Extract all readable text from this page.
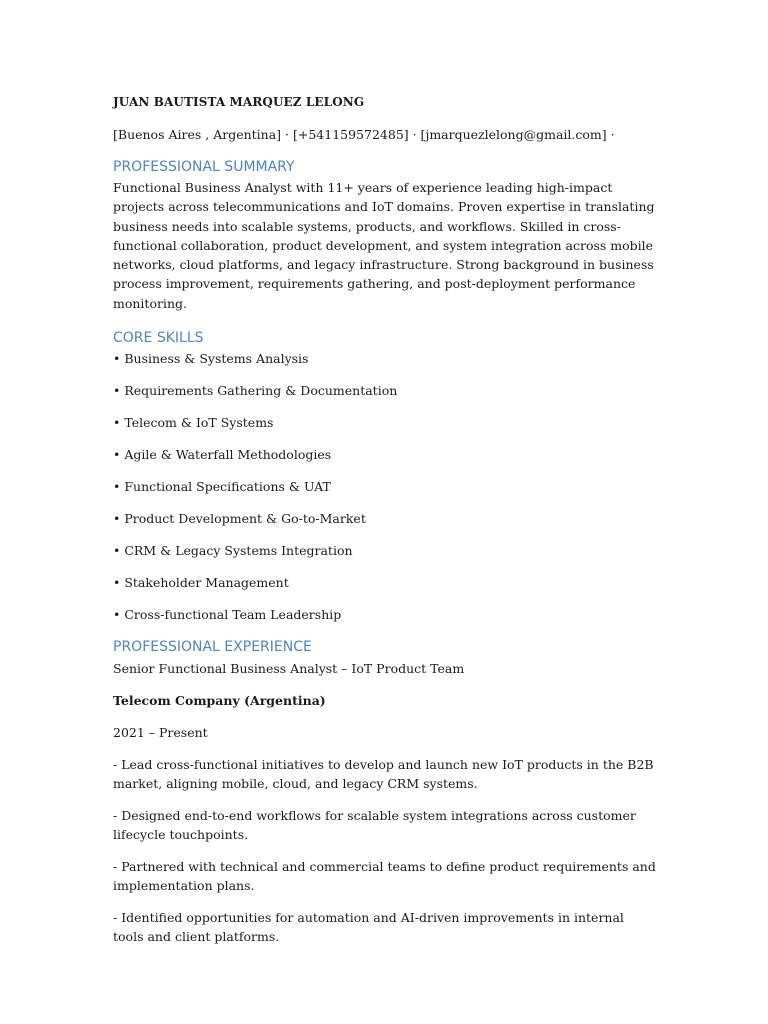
JUAN BAUTISTA MARQUEZ LELONG

[Buenos Aires , Argentina] · [+541159572485] · [jmarquezlelong@gmail.com] ·

PROFESSIONAL SUMMARY

Functional Business Analyst with 11+ years of experience leading high-impact projects across telecommunications and IoT domains. Proven expertise in translating business needs into scalable systems, products, and workflows. Skilled in cross-functional collaboration, product development, and system integration across mobile networks, cloud platforms, and legacy infrastructure. Strong background in business process improvement, requirements gathering, and post-deployment performance monitoring.

CORE SKILLS
• Business & Systems Analysis
• Requirements Gathering & Documentation
• Telecom & IoT Systems
• Agile & Waterfall Methodologies
• Functional Specifications & UAT
• Product Development & Go-to-Market
• CRM & Legacy Systems Integration
• Stakeholder Management
• Cross-functional Team Leadership
PROFESSIONAL EXPERIENCE

Senior Functional Business Analyst – IoT Product Team

Telecom Company (Argentina)

2021 – Present

- Lead cross-functional initiatives to develop and launch new IoT products in the B2B market, aligning mobile, cloud, and legacy CRM systems.
- Designed end-to-end workflows for scalable system integrations across customer lifecycle touchpoints.
- Partnered with technical and commercial teams to define product requirements and implementation plans.
- Identified opportunities for automation and AI-driven improvements in internal tools and client platforms.
